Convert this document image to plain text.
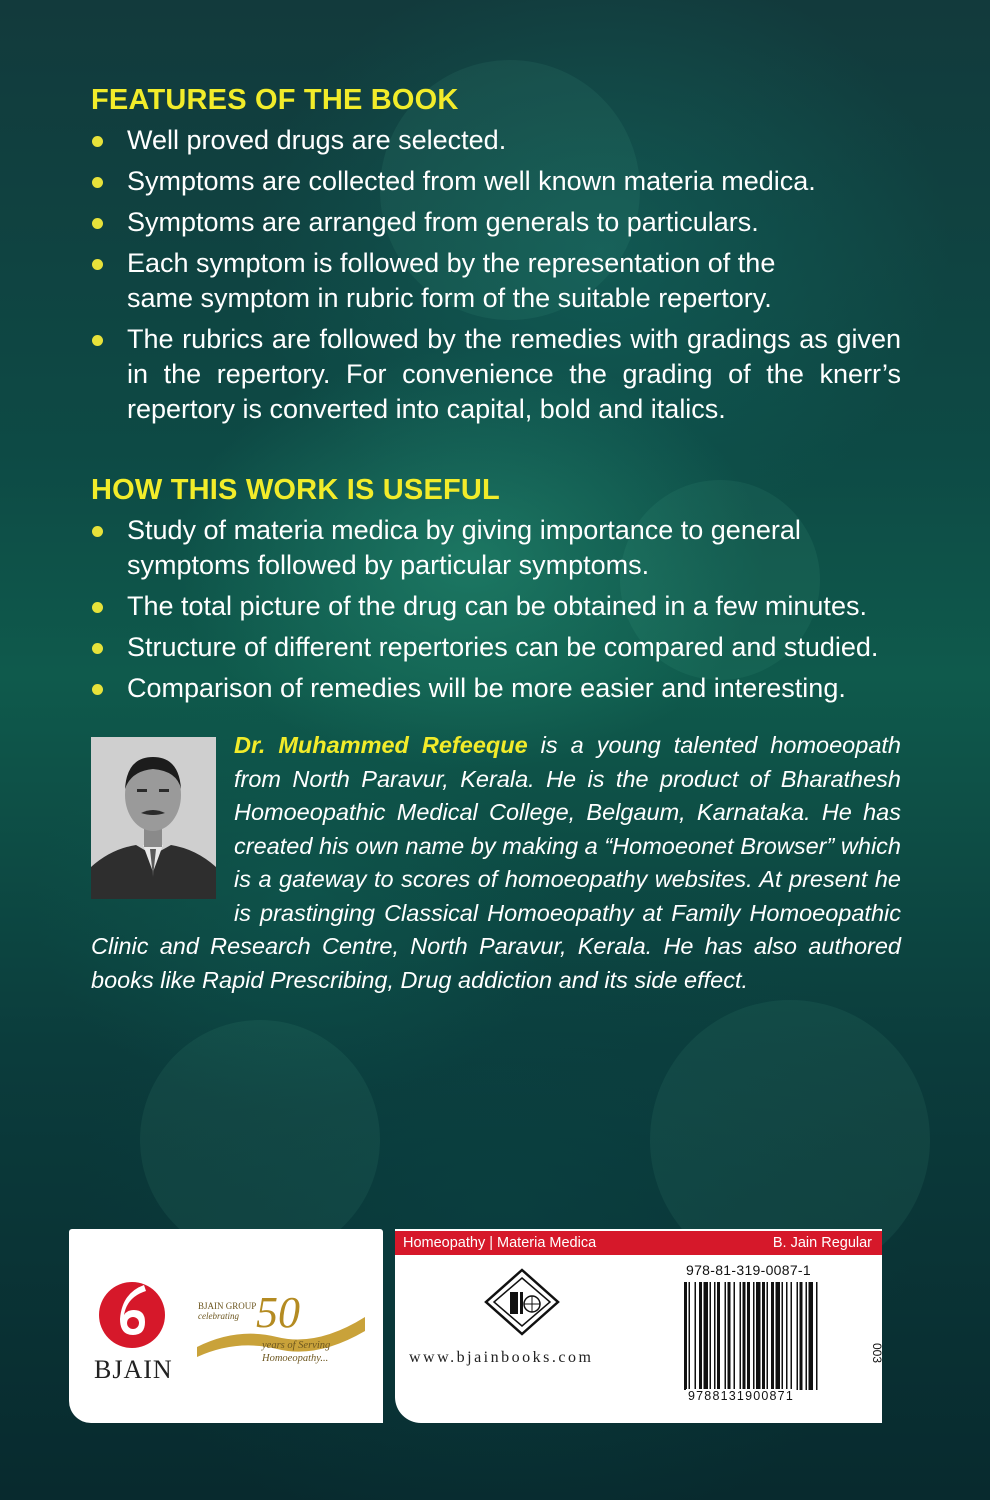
FEATURES OF THE BOOK
Well proved drugs are selected.
Symptoms are collected from well known materia medica.
Symptoms are arranged from generals to particulars.
Each symptom is followed by the representation of the same symptom in rubric form of the suitable repertory.
The rubrics are followed by the remedies with gradings as given in the repertory. For convenience the grading of the knerr’s repertory is converted into capital, bold and italics.
HOW THIS WORK IS USEFUL
Study of materia medica by giving importance to general symptoms followed by particular symptoms.
The total picture of the drug can be obtained in a few minutes.
Structure of different repertories can be compared and studied.
Comparison of remedies will be more easier and interesting.

Dr. Muhammed Refeeque is a young talented homoeopath from North Paravur, Kerala. He is the product of Bharathesh Homoeopathic Medical College, Belgaum, Karnataka. He has created his own name by making a “Homoeonet Browser” which is a gateway to scores of homoeopathy websites. At present he is prastinging Classical Homoeopathy at Family Homoeopathic Clinic and Research Centre, North Paravur, Kerala. He has also authored books like Rapid Prescribing, Drug addiction and its side effect.

BJAIN
BJAIN GROUP
celebrating 50
years of Serving Homoeopathy...
Homeopathy | Materia Medica	B. Jain Regular
www.bjainbooks.com
978-81-319-0087-1
9788131900871
003
